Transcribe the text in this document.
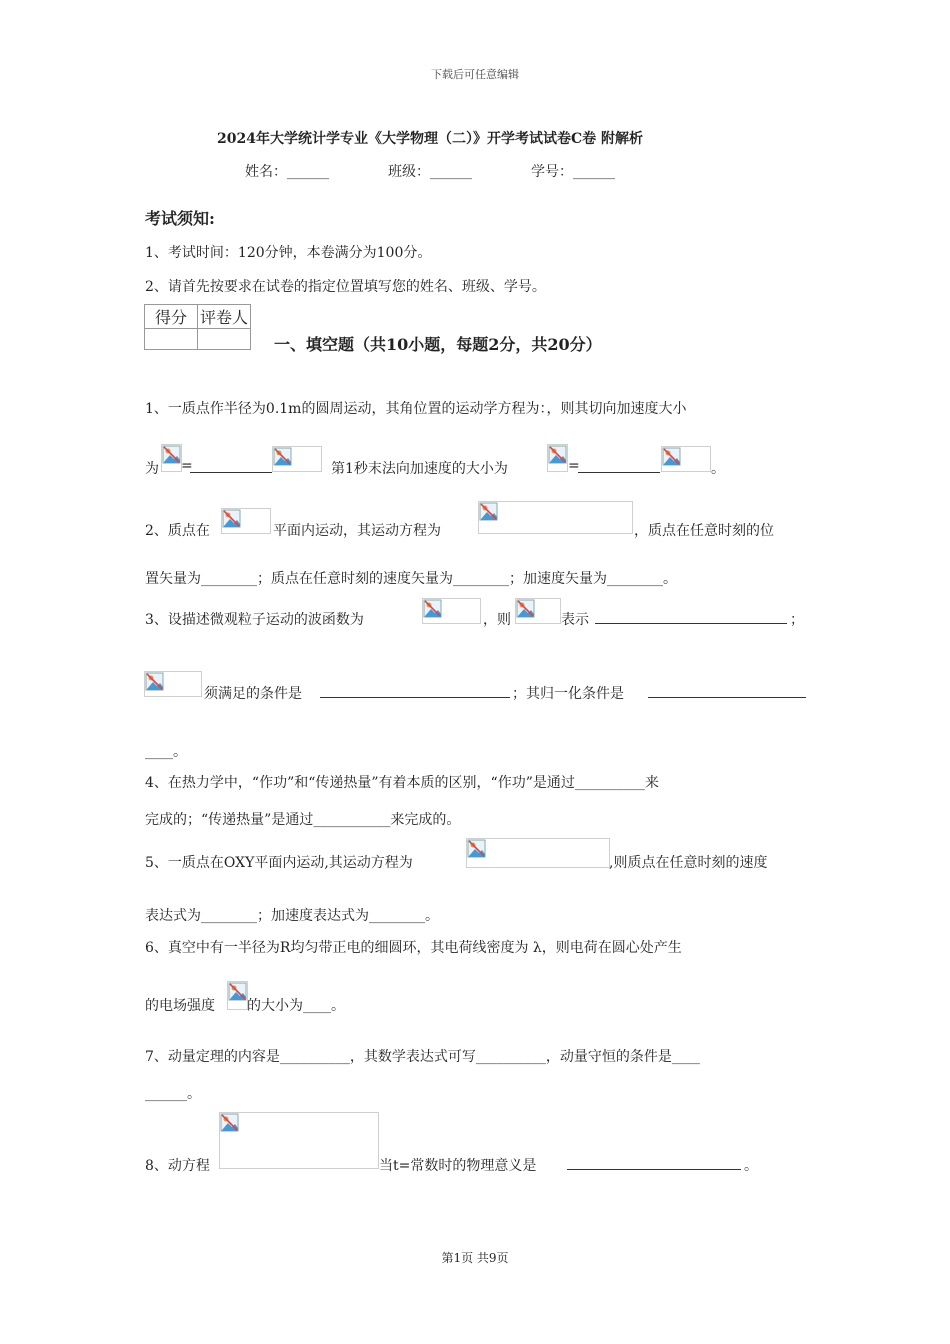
下载后可任意编辑
2024年大学统计学专业《大学物理（二）》开学考试试卷C卷 附解析
姓名：______	班级：______	学号：______
考试须知:
1、考试时间：120分钟，本卷满分为100分。
2、请首先按要求在试卷的指定位置填写您的姓名、班级、学号。
得分	评卷人

一、填空题（共10小题，每题2分，共20分）
1、一质点作半径为0.1m的圆周运动，其角位置的运动学方程为：，则其切向加速度大小
为 =	第1秒末法向加速度的大小为	=	。
2、质点在	平面内运动，其运动方程为	，质点在任意时刻的位
置矢量为________；质点在任意时刻的速度矢量为________；加速度矢量为________。
3、设描述微观粒子运动的波函数为	，则	表示	；
须满足的条件是	；其归一化条件是
____。
4、在热力学中，“作功”和“传递热量”有着本质的区别，“作功”是通过__________来
完成的；“传递热量”是通过___________来完成的。
5、一质点在OXY平面内运动,其运动方程为	,则质点在任意时刻的速度
表达式为________；加速度表达式为________。
6、真空中有一半径为R均匀带正电的细圆环，其电荷线密度为 λ，则电荷在圆心处产生
的电场强度 的大小为____。
7、动量定理的内容是__________，其数学表达式可写__________，动量守恒的条件是____
______。
8、动方程	当t=常数时的物理意义是	。
第1页 共9页
